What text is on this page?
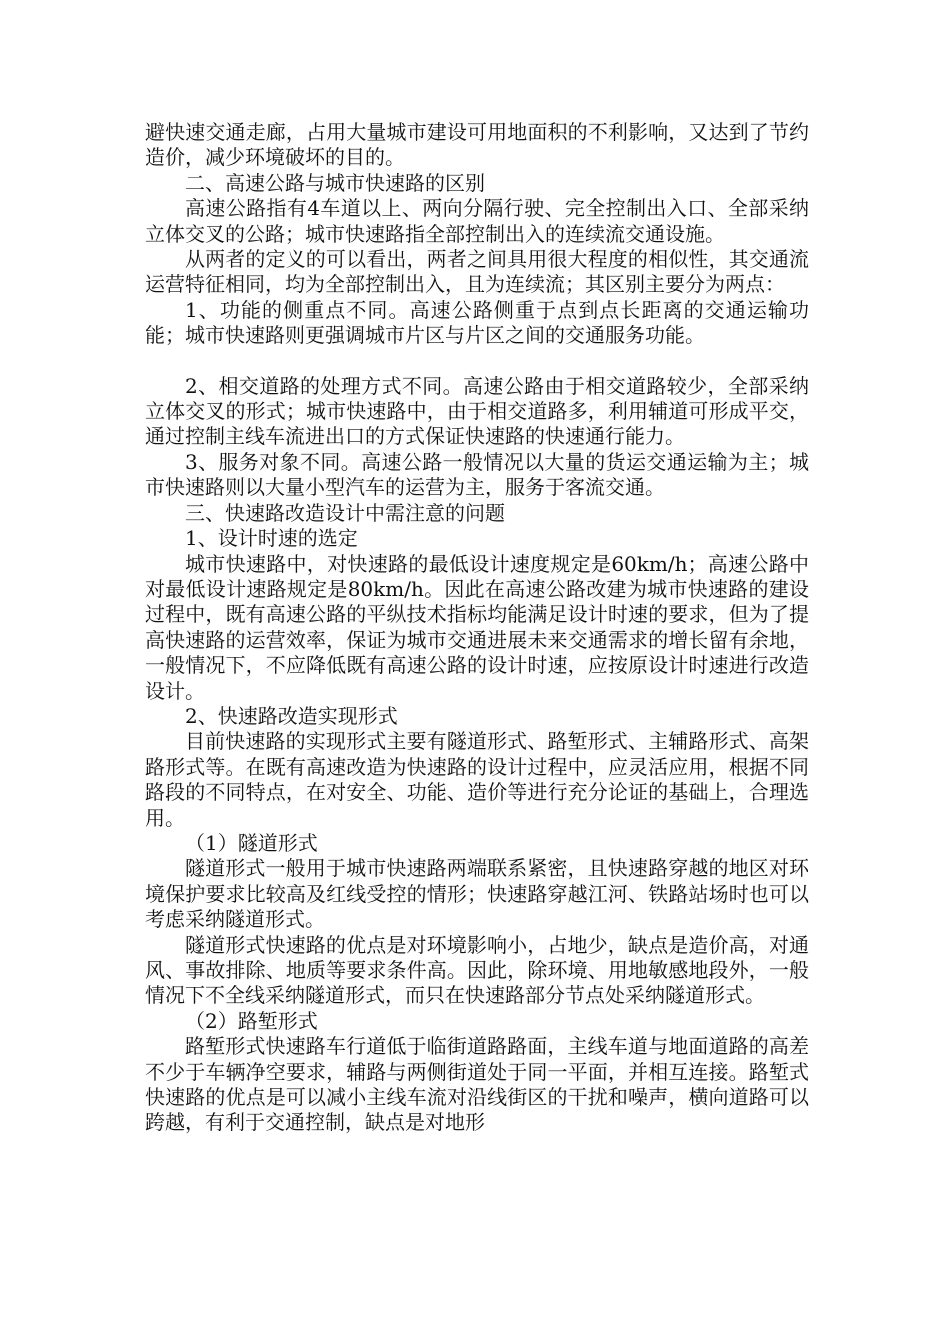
避快速交通走廊，占用大量城市建设可用地面积的不利影响，又达到了节约造价，减少环境破坏的目的。

二、高速公路与城市快速路的区别

高速公路指有4车道以上、两向分隔行驶、完全控制出入口、全部采纳立体交叉的公路；城市快速路指全部控制出入的连续流交通设施。

从两者的定义的可以看出，两者之间具用很大程度的相似性，其交通流运营特征相同，均为全部控制出入，且为连续流；其区别主要分为两点：

1、功能的侧重点不同。高速公路侧重于点到点长距离的交通运输功能；城市快速路则更强调城市片区与片区之间的交通服务功能。

2、相交道路的处理方式不同。高速公路由于相交道路较少，全部采纳立体交叉的形式；城市快速路中，由于相交道路多，利用辅道可形成平交，通过控制主线车流进出口的方式保证快速路的快速通行能力。

3、服务对象不同。高速公路一般情况以大量的货运交通运输为主；城市快速路则以大量小型汽车的运营为主，服务于客流交通。

三、快速路改造设计中需注意的问题

1、设计时速的选定

城市快速路中，对快速路的最低设计速度规定是60km/h；高速公路中对最低设计速路规定是80km/h。因此在高速公路改建为城市快速路的建设过程中，既有高速公路的平纵技术指标均能满足设计时速的要求，但为了提高快速路的运营效率，保证为城市交通进展未来交通需求的增长留有余地，一般情况下，不应降低既有高速公路的设计时速，应按原设计时速进行改造设计。

2、快速路改造实现形式

目前快速路的实现形式主要有隧道形式、路堑形式、主辅路形式、高架路形式等。在既有高速改造为快速路的设计过程中，应灵活应用，根据不同路段的不同特点，在对安全、功能、造价等进行充分论证的基础上，合理选用。

（1）隧道形式

隧道形式一般用于城市快速路两端联系紧密，且快速路穿越的地区对环境保护要求比较高及红线受控的情形；快速路穿越江河、铁路站场时也可以考虑采纳隧道形式。

隧道形式快速路的优点是对环境影响小，占地少，缺点是造价高，对通风、事故排除、地质等要求条件高。因此，除环境、用地敏感地段外，一般情况下不全线采纳隧道形式，而只在快速路部分节点处采纳隧道形式。

（2）路堑形式

路堑形式快速路车行道低于临街道路路面，主线车道与地面道路的高差不少于车辆净空要求，辅路与两侧街道处于同一平面，并相互连接。路堑式快速路的优点是可以减小主线车流对沿线街区的干扰和噪声，横向道路可以跨越，有利于交通控制，缺点是对地形
